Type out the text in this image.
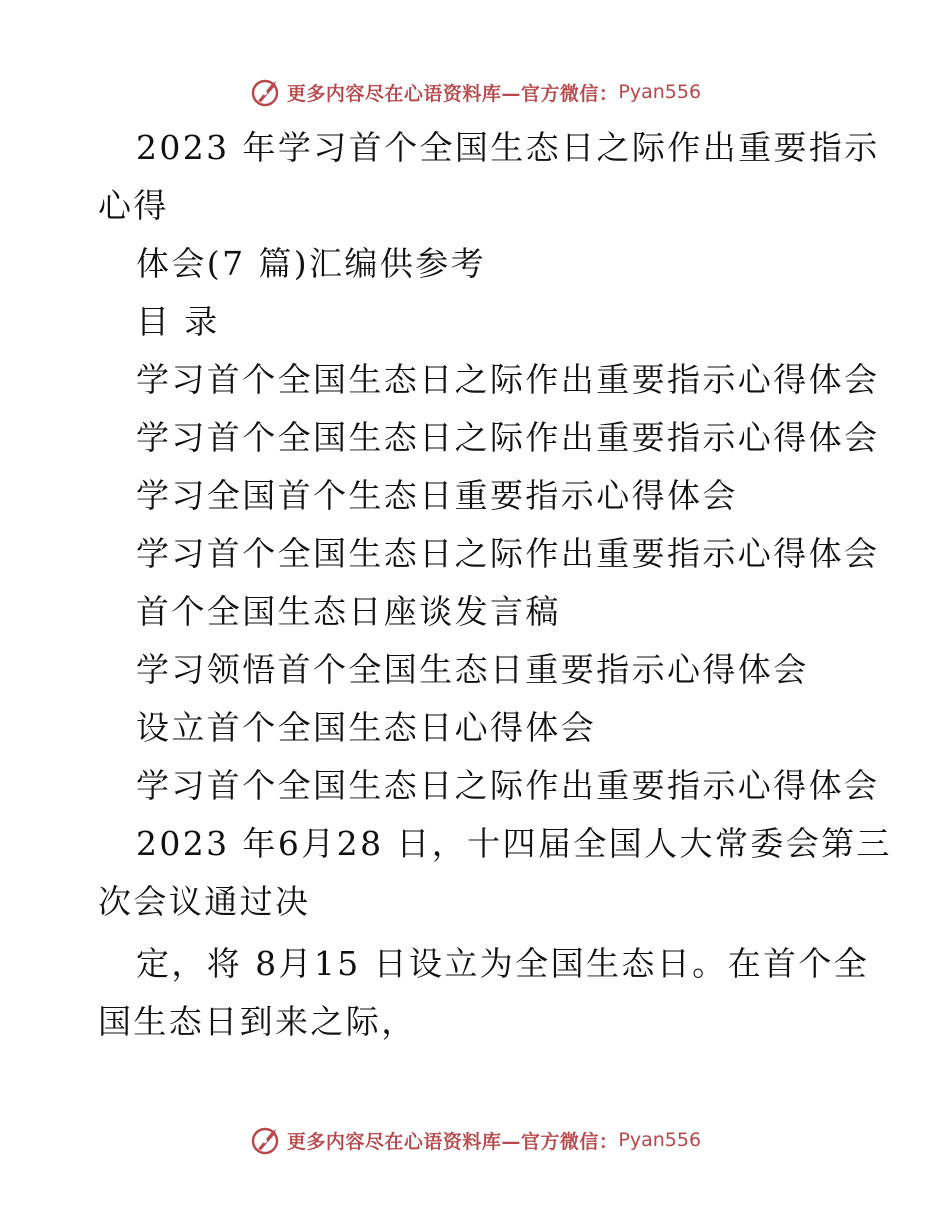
更多内容尽在心语资料库—官方微信： Pyan556
2023 年学习首个全国生态日之际作出重要指示
心得
体会(7 篇)汇编供参考
目 录
学习首个全国生态日之际作出重要指示心得体会
学习首个全国生态日之际作出重要指示心得体会
学习全国首个生态日重要指示心得体会
学习首个全国生态日之际作出重要指示心得体会
首个全国生态日座谈发言稿
学习领悟首个全国生态日重要指示心得体会
设立首个全国生态日心得体会
学习首个全国生态日之际作出重要指示心得体会
2023 年6月28 日，十四届全国人大常委会第三
次会议通过决
定，将 8月15 日设立为全国生态日。在首个全
国生态日到来之际，
更多内容尽在心语资料库—官方微信： Pyan556
